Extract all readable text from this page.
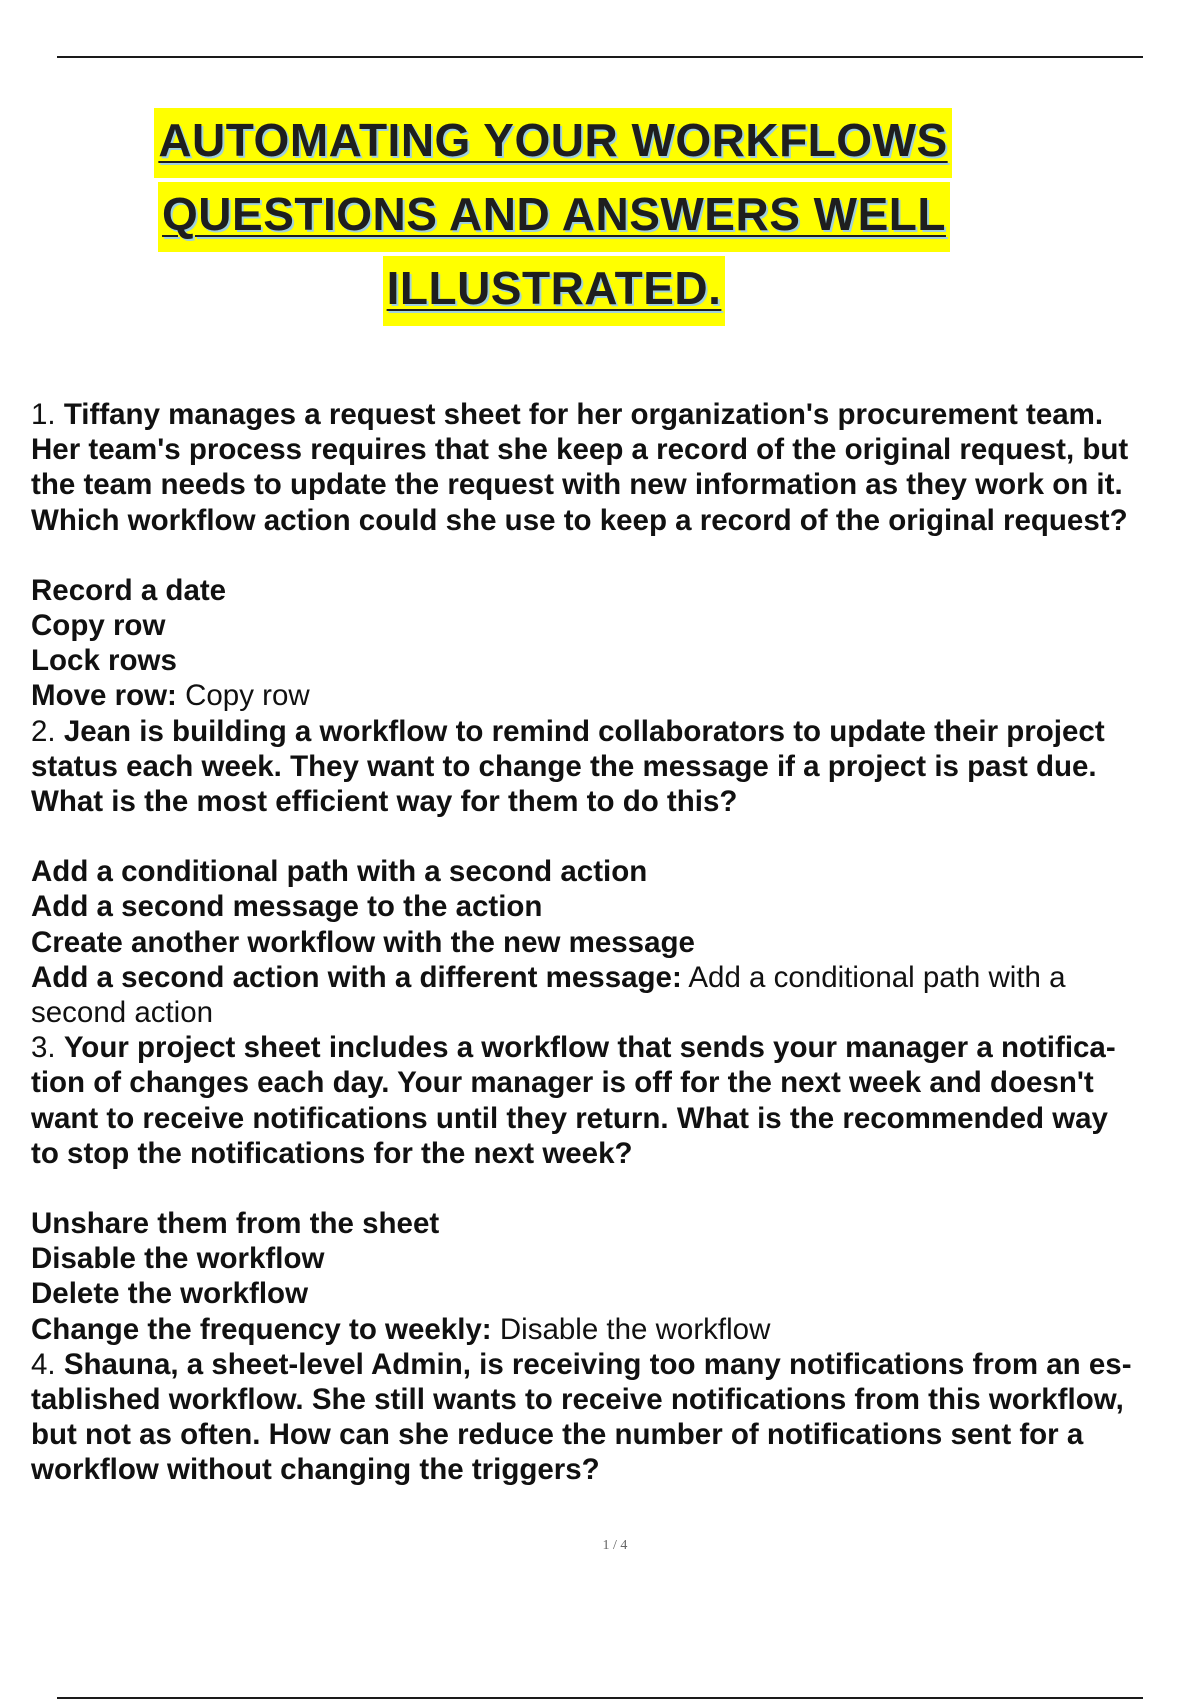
AUTOMATING YOUR WORKFLOWS
QUESTIONS AND ANSWERS WELL
ILLUSTRATED.

1. Tiffany manages a request sheet for her organization's procurement team.

Her team's process requires that she keep a record of the original request, but

the team needs to update the request with new information as they work on it.

Which workflow action could she use to keep a record of the original request?

Record a date

Copy row

Lock rows

Move row: Copy row

2. Jean is building a workflow to remind collaborators to update their project

status each week. They want to change the message if a project is past due.

What is the most efficient way for them to do this?

Add a conditional path with a second action

Add a second message to the action

Create another workflow with the new message

Add a second action with a different message: Add a conditional path with a

second action

3. Your project sheet includes a workflow that sends your manager a notifica-

tion of changes each day. Your manager is off for the next week and doesn't

want to receive notifications until they return. What is the recommended way

to stop the notifications for the next week?

Unshare them from the sheet

Disable the workflow

Delete the workflow

Change the frequency to weekly: Disable the workflow

4. Shauna, a sheet-level Admin, is receiving too many notifications from an es-

tablished workflow. She still wants to receive notifications from this workflow,

but not as often. How can she reduce the number of notifications sent for a

workflow without changing the triggers?

1 / 4
